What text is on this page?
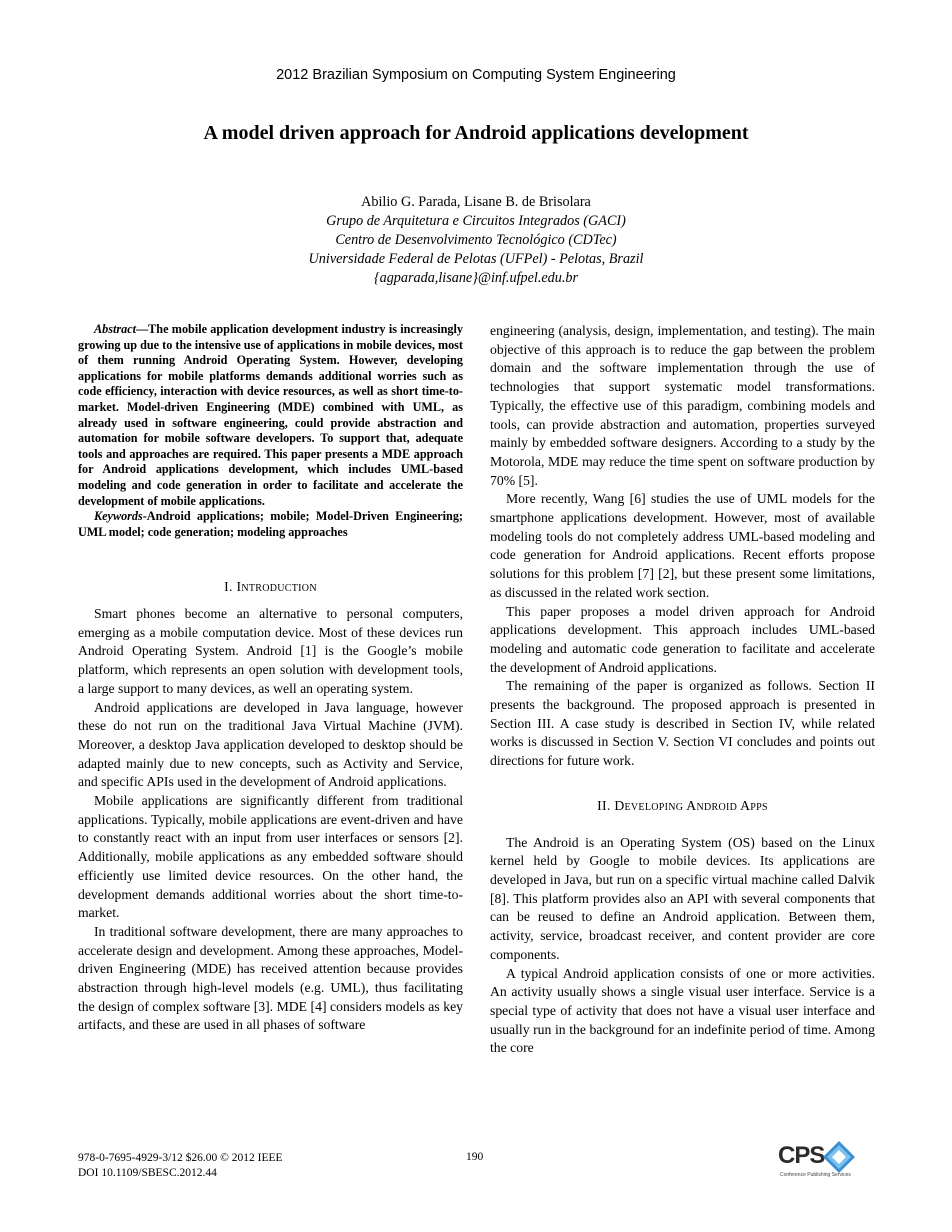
2012 Brazilian Symposium on Computing System Engineering
A model driven approach for Android applications development
Abilio G. Parada, Lisane B. de Brisolara
Grupo de Arquitetura e Circuitos Integrados (GACI)
Centro de Desenvolvimento Tecnológico (CDTec)
Universidade Federal de Pelotas (UFPel) - Pelotas, Brazil
{agparada,lisane}@inf.ufpel.edu.br

Abstract—The mobile application development industry is increasingly growing up due to the intensive use of applications in mobile devices, most of them running Android Operating System. However, developing applications for mobile platforms demands additional worries such as code efficiency, interaction with device resources, as well as short time-to-market. Model-driven Engineering (MDE) combined with UML, as already used in software engineering, could provide abstraction and automation for mobile software developers. To support that, adequate tools and approaches are required. This paper presents a MDE approach for Android applications development, which includes UML-based modeling and code generation in order to facilitate and accelerate the development of mobile applications.

Keywords-Android applications; mobile; Model-Driven Engineering; UML model; code generation; modeling approaches

I. Introduction

Smart phones become an alternative to personal computers, emerging as a mobile computation device. Most of these devices run Android Operating System. Android [1] is the Google’s mobile platform, which represents an open solution with development tools, a large support to many devices, as well an operating system.

Android applications are developed in Java language, however these do not run on the traditional Java Virtual Machine (JVM). Moreover, a desktop Java application developed to desktop should be adapted mainly due to new concepts, such as Activity and Service, and specific APIs used in the development of Android applications.

Mobile applications are significantly different from traditional applications. Typically, mobile applications are event-driven and have to constantly react with an input from user interfaces or sensors [2]. Additionally, mobile applications as any embedded software should efficiently use limited device resources. On the other hand, the development demands additional worries about the short time-to-market.

In traditional software development, there are many approaches to accelerate design and development. Among these approaches, Model-driven Engineering (MDE) has received attention because provides abstraction through high-level models (e.g. UML), thus facilitating the design of complex software [3]. MDE [4] considers models as key artifacts, and these are used in all phases of software

engineering (analysis, design, implementation, and testing). The main objective of this approach is to reduce the gap between the problem domain and the software implementation through the use of technologies that support systematic model transformations. Typically, the effective use of this paradigm, combining models and tools, can provide abstraction and automation, properties surveyed mainly by embedded software designers. According to a study by the Motorola, MDE may reduce the time spent on software production by 70% [5].

More recently, Wang [6] studies the use of UML models for the smartphone applications development. However, most of available modeling tools do not completely address UML-based modeling and code generation for Android applications. Recent efforts propose solutions for this problem [7] [2], but these present some limitations, as discussed in the related work section.

This paper proposes a model driven approach for Android applications development. This approach includes UML-based modeling and automatic code generation to facilitate and accelerate the development of Android applications.

The remaining of the paper is organized as follows. Section II presents the background. The proposed approach is presented in Section III. A case study is described in Section IV, while related works is discussed in Section V. Section VI concludes and points out directions for future work.

II. Developing Android Apps

The Android is an Operating System (OS) based on the Linux kernel held by Google to mobile devices. Its applications are developed in Java, but run on a specific virtual machine called Dalvik [8]. This platform provides also an API with several components that can be reused to define an Android application. Between them, activity, service, broadcast receiver, and content provider are core components.

A typical Android application consists of one or more activities. An activity usually shows a single visual user interface. Service is a special type of activity that does not have a visual user interface and usually run in the background for an indefinite period of time. Among the core

978-0-7695-4929-3/12 $26.00 © 2012 IEEE
DOI 10.1109/SBESC.2012.44
190	CPS
Conference Publishing Services
